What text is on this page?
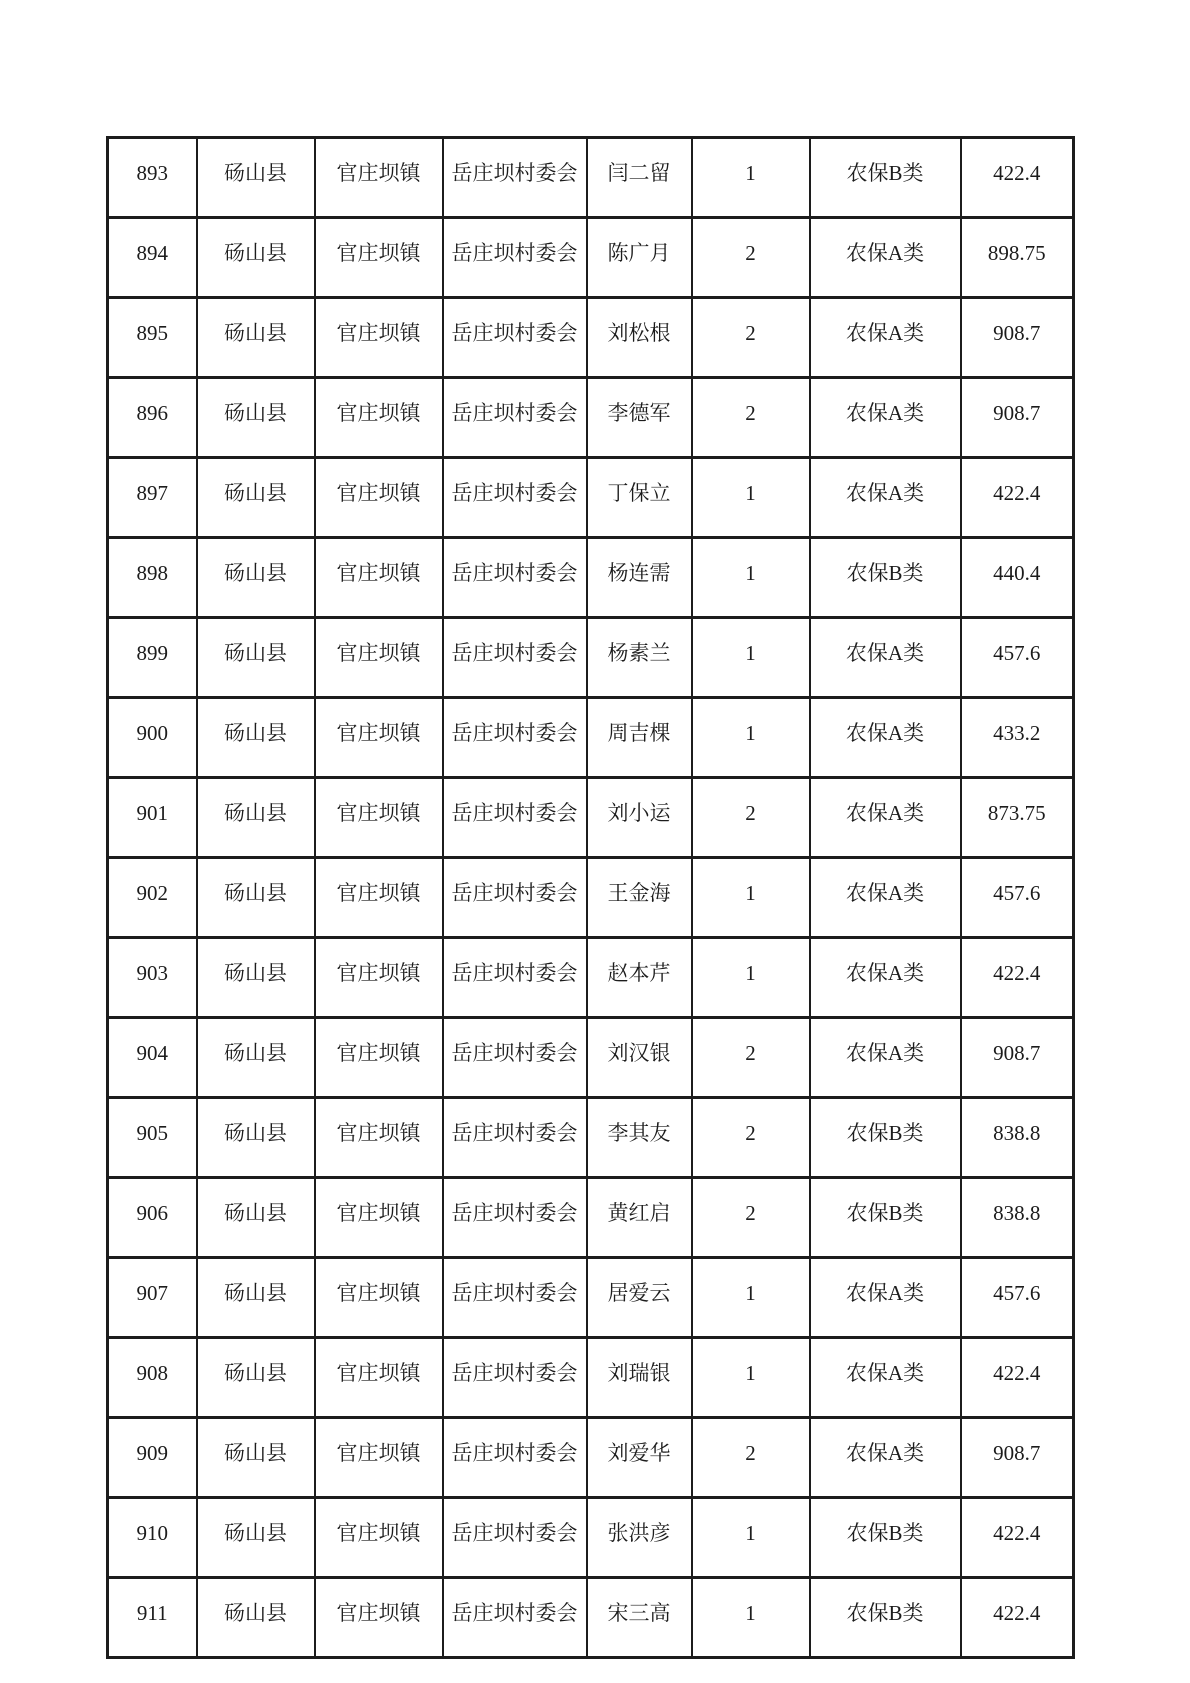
893	砀山县	官庄坝镇	岳庄坝村委会	闫二留	1	农保B类	422.4
894	砀山县	官庄坝镇	岳庄坝村委会	陈广月	2	农保A类	898.75
895	砀山县	官庄坝镇	岳庄坝村委会	刘松根	2	农保A类	908.7
896	砀山县	官庄坝镇	岳庄坝村委会	李德军	2	农保A类	908.7
897	砀山县	官庄坝镇	岳庄坝村委会	丁保立	1	农保A类	422.4
898	砀山县	官庄坝镇	岳庄坝村委会	杨连需	1	农保B类	440.4
899	砀山县	官庄坝镇	岳庄坝村委会	杨素兰	1	农保A类	457.6
900	砀山县	官庄坝镇	岳庄坝村委会	周吉棵	1	农保A类	433.2
901	砀山县	官庄坝镇	岳庄坝村委会	刘小运	2	农保A类	873.75
902	砀山县	官庄坝镇	岳庄坝村委会	王金海	1	农保A类	457.6
903	砀山县	官庄坝镇	岳庄坝村委会	赵本芹	1	农保A类	422.4
904	砀山县	官庄坝镇	岳庄坝村委会	刘汉银	2	农保A类	908.7
905	砀山县	官庄坝镇	岳庄坝村委会	李其友	2	农保B类	838.8
906	砀山县	官庄坝镇	岳庄坝村委会	黄红启	2	农保B类	838.8
907	砀山县	官庄坝镇	岳庄坝村委会	居爱云	1	农保A类	457.6
908	砀山县	官庄坝镇	岳庄坝村委会	刘瑞银	1	农保A类	422.4
909	砀山县	官庄坝镇	岳庄坝村委会	刘爱华	2	农保A类	908.7
910	砀山县	官庄坝镇	岳庄坝村委会	张洪彦	1	农保B类	422.4
911	砀山县	官庄坝镇	岳庄坝村委会	宋三高	1	农保B类	422.4
